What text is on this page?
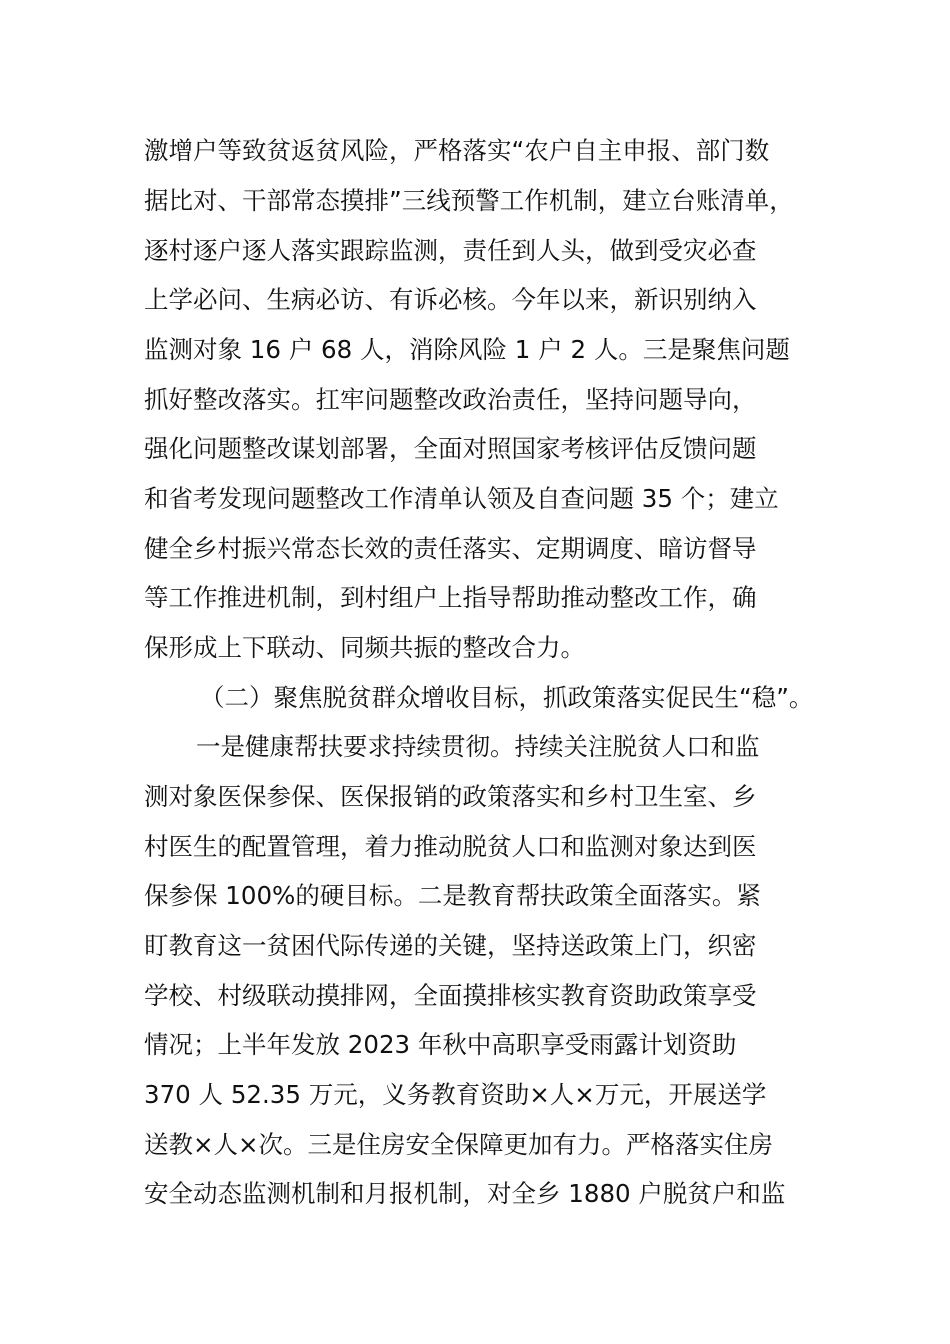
激增户等致贫返贫风险，严格落实“农户自主申报、部门数
据比对、干部常态摸排”三线预警工作机制，建立台账清单，
逐村逐户逐人落实跟踪监测，责任到人头，做到受灾必查
上学必问、生病必访、有诉必核。今年以来，新识别纳入
监测对象 16 户 68 人，消除风险 1 户 2 人。三是聚焦问题
抓好整改落实。扛牢问题整改政治责任，坚持问题导向，
强化问题整改谋划部署，全面对照国家考核评估反馈问题
和省考发现问题整改工作清单认领及自查问题 35 个；建立
健全乡村振兴常态长效的责任落实、定期调度、暗访督导
等工作推进机制，到村组户上指导帮助推动整改工作，确
保形成上下联动、同频共振的整改合力。
（二）聚焦脱贫群众增收目标，抓政策落实促民生“稳”。
一是健康帮扶要求持续贯彻。持续关注脱贫人口和监
测对象医保参保、医保报销的政策落实和乡村卫生室、乡
村医生的配置管理，着力推动脱贫人口和监测对象达到医
保参保 100%的硬目标。二是教育帮扶政策全面落实。紧
盯教育这一贫困代际传递的关键，坚持送政策上门，织密
学校、村级联动摸排网，全面摸排核实教育资助政策享受
情况；上半年发放 2023 年秋中高职享受雨露计划资助
370 人 52.35 万元，义务教育资助×人×万元，开展送学
送教×人×次。三是住房安全保障更加有力。严格落实住房
安全动态监测机制和月报机制，对全乡 1880 户脱贫户和监
